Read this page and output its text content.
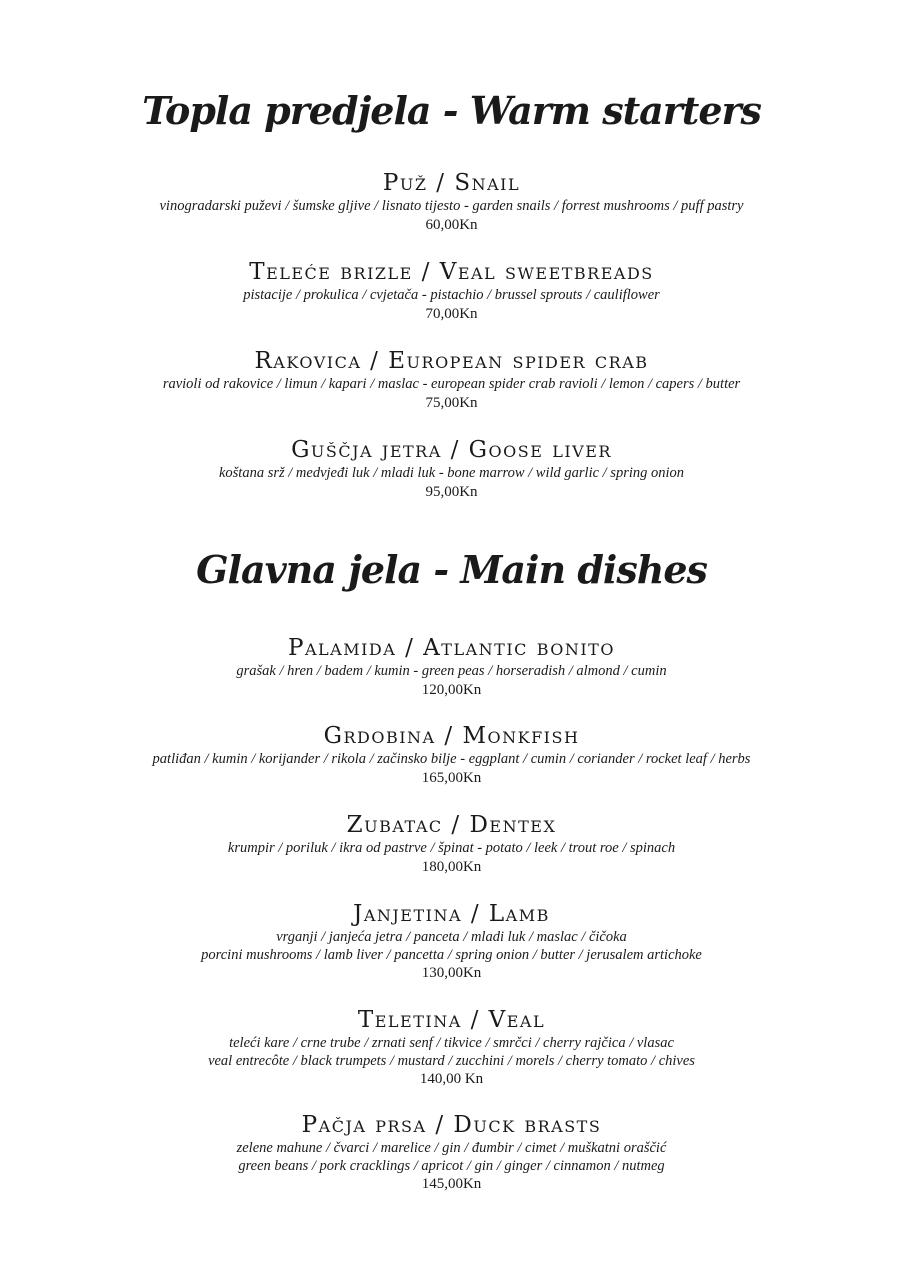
Topla predjela - Warm starters
Puž / Snail

vinogradarski puževi / šumske gljive / lisnato tijesto - garden snails / forrest mushrooms / puff pastry

60,00Kn

Teleće brizle / Veal sweetbreads

pistacije / prokulica / cvjetača - pistachio / brussel sprouts / cauliflower

70,00Kn

Rakovica / European spider crab

ravioli od rakovice / limun / kapari / maslac - european spider crab ravioli / lemon / capers / butter

75,00Kn

Guščja jetra / Goose liver

koštana srž / medvjeđi luk / mladi luk - bone marrow / wild garlic / spring onion

95,00Kn

Glavna jela - Main dishes
Palamida / Atlantic bonito

grašak / hren / badem / kumin - green peas / horseradish / almond / cumin

120,00Kn

Grdobina / Monkfish

patliđan / kumin / korijander / rikola / začinsko bilje - eggplant / cumin / coriander / rocket leaf / herbs

165,00Kn

Zubatac / Dentex

krumpir / poriluk / ikra od pastrve / špinat - potato / leek / trout roe / spinach

180,00Kn

Janjetina / Lamb

vrganji / janjeća jetra / panceta / mladi luk / maslac / čičoka

porcini mushrooms / lamb liver / pancetta / spring onion / butter / jerusalem artichoke

130,00Kn

Teletina / Veal

teleći kare / crne trube / zrnati senf / tikvice / smrčci / cherry rajčica / vlasac

veal entrecôte / black trumpets / mustard / zucchini / morels / cherry tomato / chives

140,00 Kn

Pačja prsa / Duck brasts

zelene mahune / čvarci / marelice / gin / đumbir / cimet / muškatni oraščić

green beans / pork cracklings / apricot / gin / ginger / cinnamon / nutmeg

145,00Kn
